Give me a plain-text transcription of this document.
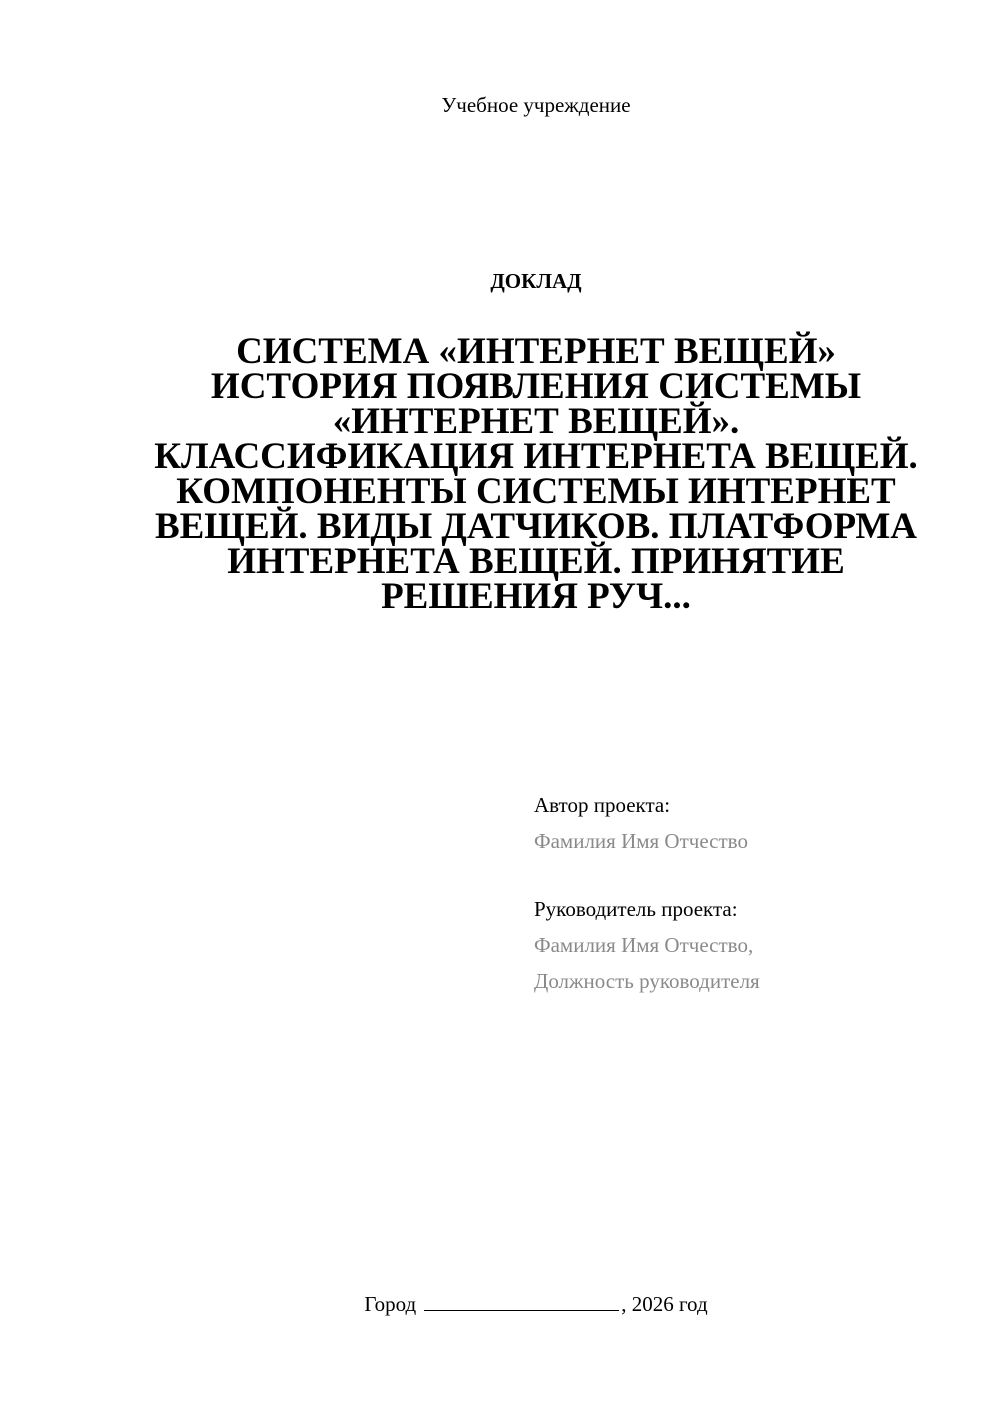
Учебное учреждение
ДОКЛАД
СИСТЕМА «ИНТЕРНЕТ ВЕЩЕЙ» ИСТОРИЯ ПОЯВЛЕНИЯ СИСТЕМЫ «ИНТЕРНЕТ ВЕЩЕЙ». КЛАССИФИКАЦИЯ ИНТЕРНЕТА ВЕЩЕЙ. КОМПОНЕНТЫ СИСТЕМЫ ИНТЕРНЕТ ВЕЩЕЙ. ВИДЫ ДАТЧИКОВ. ПЛАТФОРМА ИНТЕРНЕТА ВЕЩЕЙ. ПРИНЯТИЕ РЕШЕНИЯ РУЧ...
Автор проекта:
Фамилия Имя Отчество
Руководитель проекта:
Фамилия Имя Отчество,
Должность руководителя
Город	, 2026 год
